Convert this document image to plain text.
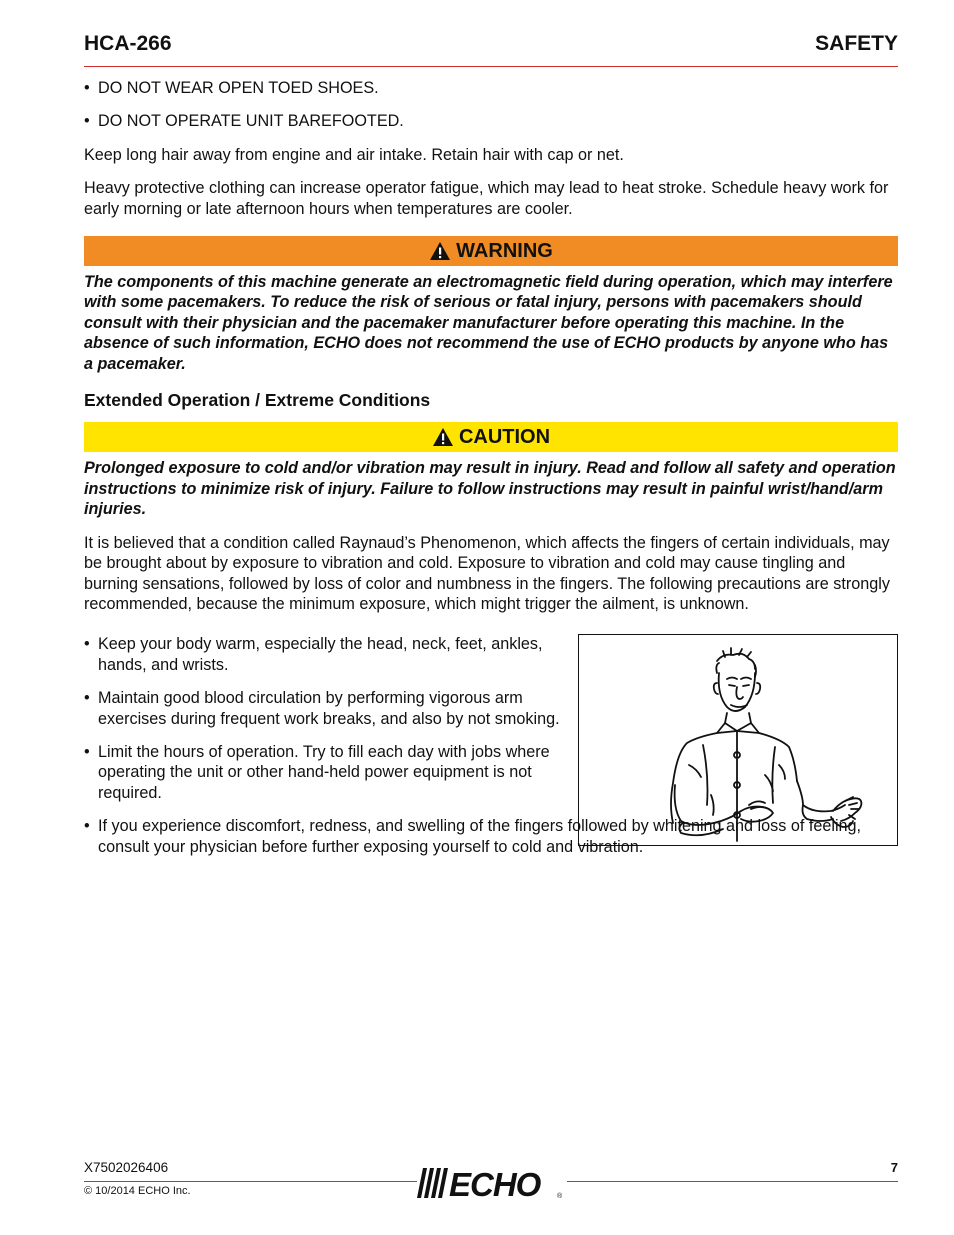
HCA-266	SAFETY

• DO NOT WEAR OPEN TOED SHOES.

• DO NOT OPERATE UNIT BAREFOOTED.

Keep long hair away from engine and air intake. Retain hair with cap or net.

Heavy protective clothing can increase operator fatigue, which may lead to heat stroke. Schedule heavy work for early morning or late afternoon hours when temperatures are cooler.

WARNING

The components of this machine generate an electromagnetic field during operation, which may interfere with some pacemakers. To reduce the risk of serious or fatal injury, persons with pacemakers should consult with their physician and the pacemaker manufacturer before operating this machine. In the absence of such information, ECHO does not recommend the use of ECHO products by anyone who has a pacemaker.

Extended Operation / Extreme Conditions

CAUTION

Prolonged exposure to cold and/or vibration may result in injury. Read and follow all safety and operation instructions to minimize risk of injury. Failure to follow instructions may result in painful wrist/hand/arm injuries.

It is believed that a condition called Raynaud’s Phenomenon, which affects the fingers of certain individuals, may be brought about by exposure to vibration and cold. Exposure to vibration and cold may cause tingling and burning sensations, followed by loss of color and numbness in the fingers. The following precautions are strongly recommended, because the minimum exposure, which might trigger the ailment, is unknown.

• Keep your body warm, especially the head, neck, feet, ankles, hands, and wrists.

• Maintain good blood circulation by performing vigorous arm exercises during frequent work breaks, and also by not smoking.

• Limit the hours of operation. Try to fill each day with jobs where operating the unit or other hand-held power equipment is not required.

• If you experience discomfort, redness, and swelling of the fingers followed by whitening and loss of feeling, consult your physician before further exposing yourself to cold and vibration.

X7502026406	7
© 10/2014 ECHO Inc.	ECHO ®
